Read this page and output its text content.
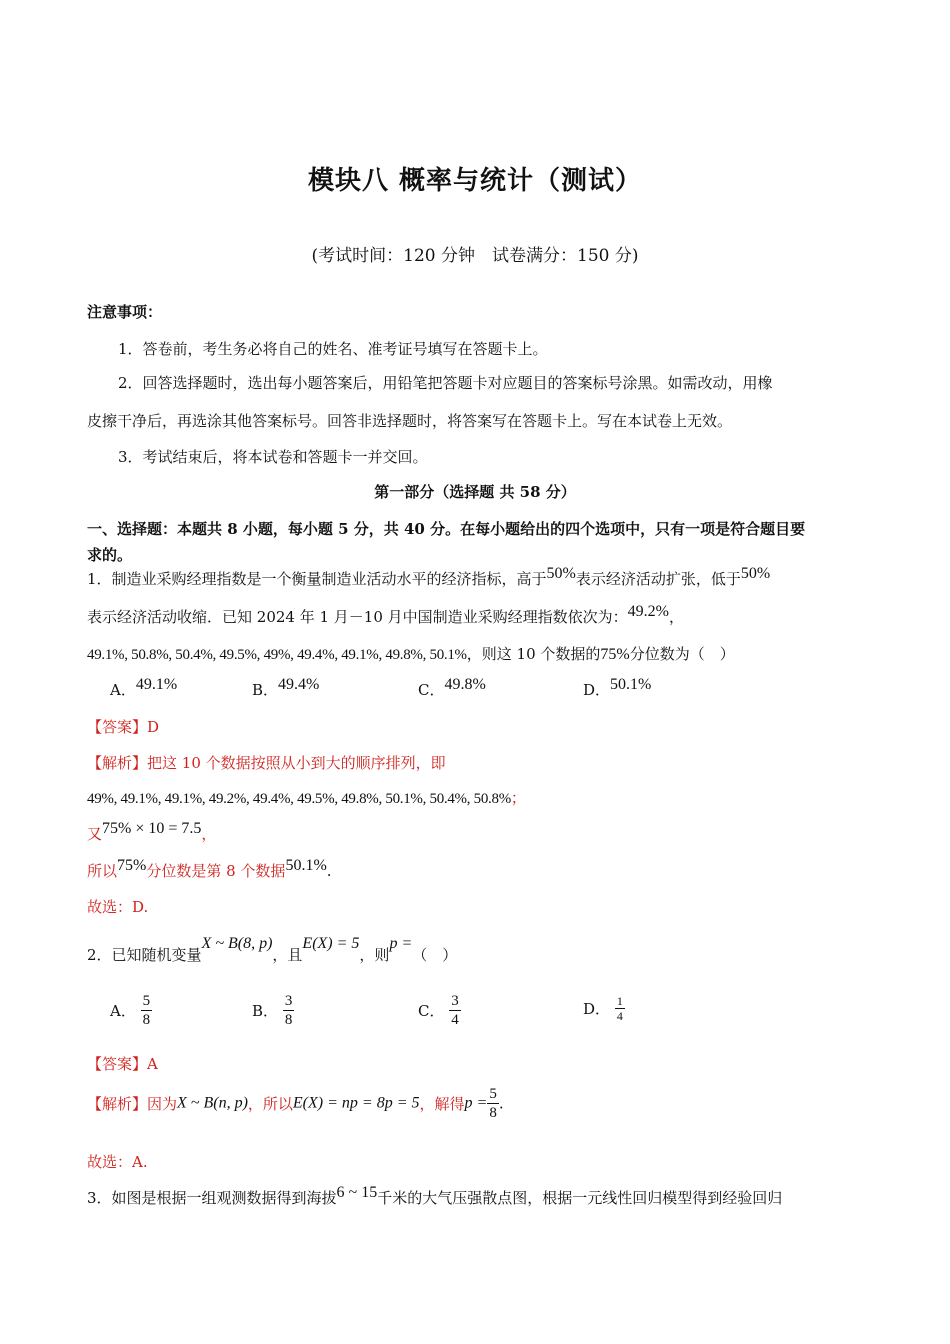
模块八 概率与统计（测试）
(考试时间：120 分钟　试卷满分：150 分)
注意事项：
1．答卷前，考生务必将自己的姓名、准考证号填写在答题卡上。
2．回答选择题时，选出每小题答案后，用铅笔把答题卡对应题目的答案标号涂黑。如需改动，用橡
皮擦干净后，再选涂其他答案标号。回答非选择题时，将答案写在答题卡上。写在本试卷上无效。
3．考试结束后，将本试卷和答题卡一并交回。
第一部分（选择题 共 58 分）
一、选择题：本题共 8 小题，每小题 5 分，共 40 分。在每小题给出的四个选项中，只有一项是符合题目要
求的。
1．制造业采购经理指数是一个衡量制造业活动水平的经济指标，高于50%表示经济活动扩张，低于50%
表示经济活动收缩．已知 2024 年 1 月－10 月中国制造业采购经理指数依次为：49.2%，
49.1%, 50.8%, 50.4%, 49.5%, 49%, 49.4%, 49.1%, 49.8%, 50.1%，则这 10 个数据的75%分位数为（　）
A．49.1%	B．49.4%	C．49.8%	D．50.1%
【答案】D
【解析】把这 10 个数据按照从小到大的顺序排列，即
49%, 49.1%, 49.1%, 49.2%, 49.4%, 49.5%, 49.8%, 50.1%, 50.4%, 50.8%；
又75% × 10 = 7.5，
所以75%分位数是第 8 个数据50.1%.
故选：D.
2．已知随机变量X ~ B(8, p)，且E(X) = 5，则p =（　）
A． $\frac{5}{8}$	B． $\frac{3}{8}$	C． $\frac{3}{4}$	D． $\frac{1}{4}$
【答案】A
【解析】因为X ~ B(n, p)，所以E(X) = np = 8p = 5，解得$p = \frac{5}{8}$ .
故选：A.
3．如图是根据一组观测数据得到海拔6 ~ 15千米的大气压强散点图，根据一元线性回归模型得到经验回归
